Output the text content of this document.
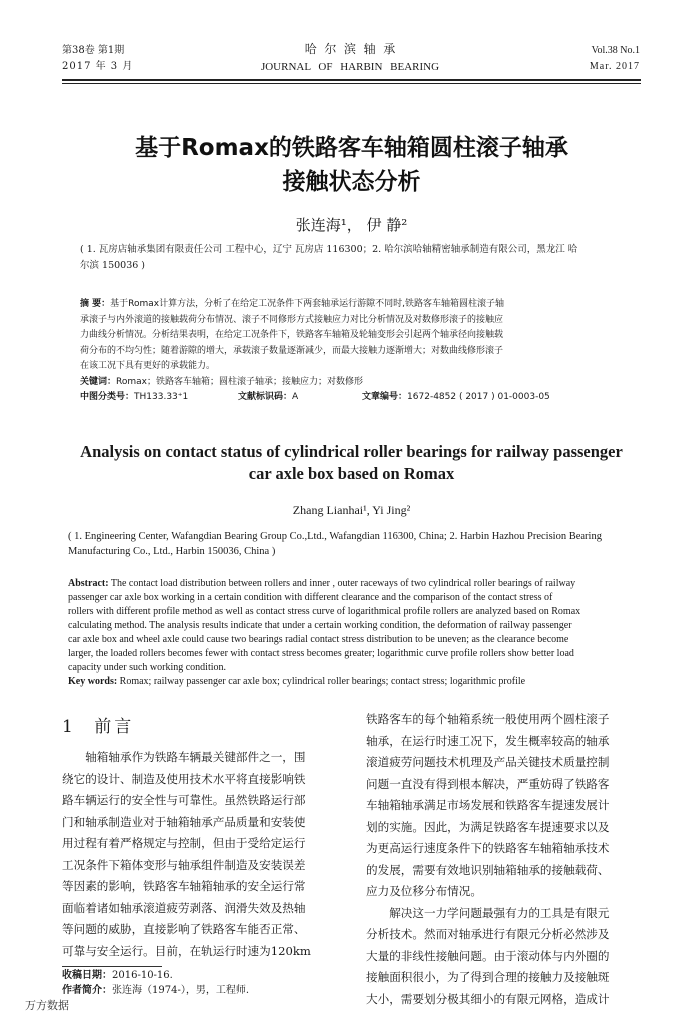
第38卷 第1期
2017 年 3 月
哈  尔  滨  轴  承
JOURNAL OF HARBIN BEARING
Vol.38 No.1
Mar. 2017
基于Romax的铁路客车轴箱圆柱滚子轴承
接触状态分析
张连海¹， 伊 静²
( 1. 瓦房店轴承集团有限责任公司 工程中心，辽宁 瓦房店 116300；2. 哈尔滨哈轴精密轴承制造有限公司，黑龙江 哈
尔滨 150036 )
摘 要：基于Romax计算方法，分析了在给定工况条件下两套轴承运行游隙不同时,铁路客车轴箱圆柱滚子轴
承滚子与内外滚道的接触载荷分布情况、滚子不同修形方式接触应力对比分析情况及对数修形滚子的接触应
力曲线分析情况。分析结果表明，在给定工况条件下，铁路客车轴箱及轮轴变形会引起两个轴承径向接触载
荷分布的不均匀性；随着游隙的增大，承载滚子数量逐渐减少，而最大接触力逐渐增大；对数曲线修形滚子
在该工况下具有更好的承载能力。
关键词：Romax；铁路客车轴箱；圆柱滚子轴承；接触应力；对数修形
中图分类号：TH133.33⁺1	文献标识码：A	文章编号：1672-4852 ( 2017 ) 01-0003-05
Analysis on contact status of cylindrical roller bearings for railway passenger
car axle box based on Romax
Zhang Lianhai¹, Yi Jing²
( 1. Engineering Center, Wafangdian Bearing Group Co.,Ltd., Wafangdian 116300, China; 2. Harbin Hazhou Precision Bearing
Manufacturing Co., Ltd., Harbin 150036, China )
Abstract: The contact load distribution between rollers and inner , outer raceways of two cylindrical roller bearings of railway
passenger car axle box working in a certain condition with different clearance and the comparison of the contact stress of
rollers with different profile method as well as contact stress curve of logarithmical profile rollers are analyzed based on Romax
calculating method. The analysis results indicate that under a certain working condition, the deformation of railway passenger
car axle box and wheel axle could cause two bearings radial contact stress distribution to be uneven; as the clearance become
larger, the loaded rollers becomes fewer with contact stress becomes greater; logarithmic curve profile rollers show better load
capacity under such working condition.
Key words: Romax; railway passenger car axle box; cylindrical roller bearings; contact stress; logarithmic profile
1 前言

轴箱轴承作为铁路车辆最关键部件之一，围

绕它的设计、制造及使用技术水平将直接影响铁

路车辆运行的安全性与可靠性。虽然铁路运行部

门和轴承制造业对于轴箱轴承产品质量和安装使

用过程有着严格规定与控制，但由于受给定运行

工况条件下箱体变形与轴承组件制造及安装误差

等因素的影响，铁路客车轴箱轴承的安全运行常

面临着诸如轴承滚道疲劳剥落、润滑失效及热轴

等问题的威胁，直接影响了铁路客车能否正常、

可靠与安全运行。目前，在轨运行时速为120km

收稿日期：2016-10-16.
作者简介：张连海（1974-），男，工程师.

铁路客车的每个轴箱系统一般使用两个圆柱滚子

轴承，在运行时速工况下，发生概率较高的轴承

滚道疲劳问题技术机理及产品关键技术质量控制

问题一直没有得到根本解决，严重妨碍了铁路客

车轴箱轴承满足市场发展和铁路客车提速发展计

划的实施。因此，为满足铁路客车提速要求以及

为更高运行速度条件下的铁路客车轴箱轴承技术

的发展，需要有效地识别轴箱轴承的接触载荷、

应力及位移分布情况。

解决这一力学问题最强有力的工具是有限元

分析技术。然而对轴承进行有限元分析必然涉及

大量的非线性接触问题。由于滚动体与内外圈的

接触面积很小，为了得到合理的接触力及接触斑

大小，需要划分极其细小的有限元网格，造成计

万方数据
